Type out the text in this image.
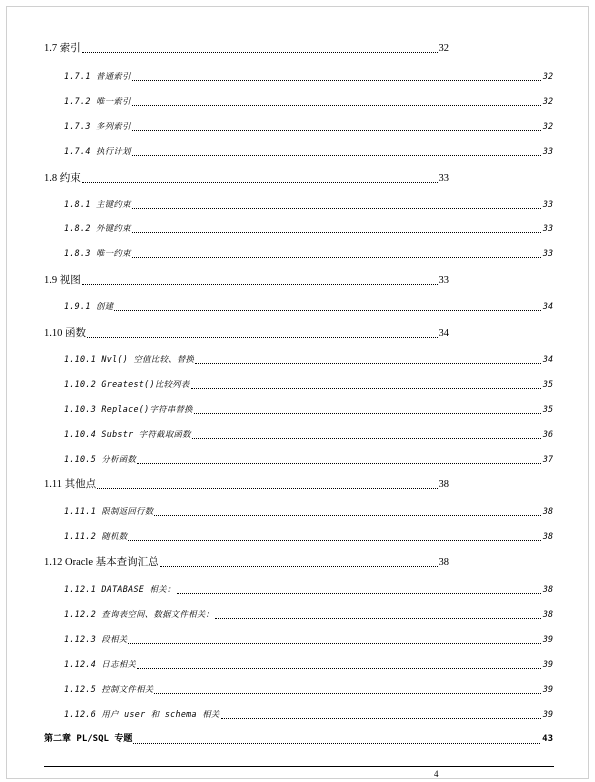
1.7 索引	32
1.7.1 普通索引	32
1.7.2 唯一索引	32
1.7.3 多列索引	32
1.7.4 执行计划	33
1.8 约束	33
1.8.1 主键约束	33
1.8.2 外键约束	33
1.8.3 唯一约束	33
1.9 视图	33
1.9.1 创建	34
1.10 函数	34
1.10.1 Nvl() 空值比较、替换	34
1.10.2 Greatest()比较列表	35
1.10.3 Replace()字符串替换	35
1.10.4 Substr 字符截取函数	36
1.10.5 分析函数	37
1.11 其他点	38
1.11.1 限制返回行数	38
1.11.2 随机数	38
1.12 Oracle 基本查询汇总	38
1.12.1 DATABASE 相关：	38
1.12.2 查询表空间、数据文件相关：	38
1.12.3 段相关	39
1.12.4 日志相关	39
1.12.5 控制文件相关	39
1.12.6 用户 user 和 schema 相关	39
第二章 PL/SQL 专题	43
4
